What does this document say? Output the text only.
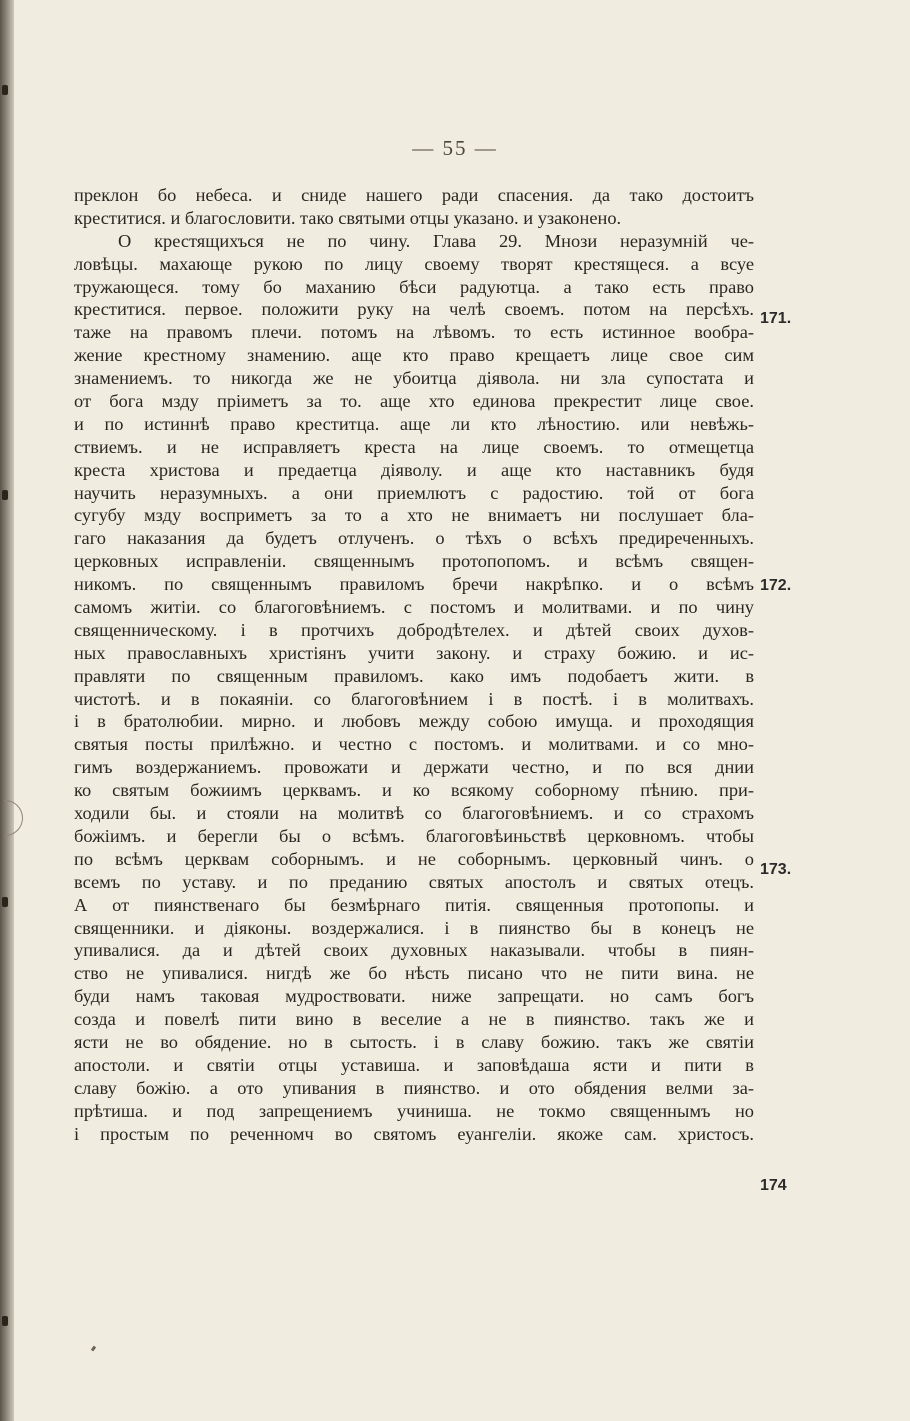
— 55 —
преклон бо небеса. и сниде нашего ради спасения. да тако достоитъ
креститися. и благословити. тако святыми отцы указано. и узаконено.
О крестящихъся не по чину. Глава 29. Мнози неразумнiй че-
ловѣцы. махающе рукою по лицу своему творят крестящеся. а всуе
тружающеся. тому бо маханию бѣси радуютца. а тако есть право
креститися. первое. положити руку на челѣ своемъ. потом на персѣхъ.
таже на правомъ плечи. потомъ на лѣвомъ. то есть истинное вообра-
жение крестному знамению. аще кто право крещаетъ лице свое сим
знамениемъ. то никогда же не убоитца дiявола. ни зла супостата и
от бога мзду прiиметъ за то. аще хто единова прекрестит лице свое.
и по истиннѣ право креститца. аще ли кто лѣностию. или невѣжь-
ствиемъ. и не исправляетъ креста на лице своемъ. то отмещетца
креста христова и предаетца дiяволу. и аще кто наставникъ будя
научить неразумныхъ. а они приемлютъ с радостию. той от бога
сугубу мзду восприметъ за то а хто не внимаетъ ни послушает бла-
гаго наказания да будетъ отлученъ. о тѣхъ о всѣхъ предиреченныхъ.
церковных исправленiи. священнымъ протопопомъ. и всѣмъ священ-
никомъ. по священнымъ правиломъ бречи накрѣпко. и о всѣмъ
самомъ житiи. со благоговѣниемъ. с постомъ и молитвами. и по чину
священническому. i в протчихъ добродѣтелех. и дѣтей своих духов-
ных православныхъ христiянъ учити закону. и страху божию. и ис-
правляти по священным правиломъ. како имъ подобаетъ жити. в
чистотѣ. и в покаянiи. со благоговѣнием i в постѣ. i в молитвахъ.
i в братолюбии. мирно. и любовъ между собою имуща. и проходящия
святыя посты прилѣжно. и честно с постомъ. и молитвами. и со мно-
гимъ воздержаниемъ. провожати и держати честно, и по вся днии
ко святым божиимъ церквамъ. и ко всякому соборному пѣнию. при-
ходили бы. и стояли на молитвѣ со благоговѣниемъ. и со страхомъ
божiимъ. и берегли бы о всѣмъ. благоговѣиньствѣ церковномъ. чтобы
по всѣмъ церквам соборнымъ. и не соборнымъ. церковный чинъ. о
всемъ по уставу. и по преданию святых апостолъ и святых отецъ.
А от пиянственаго бы безмѣрнаго питiя. священныя протопопы. и
священники. и дiяконы. воздержалися. i в пиянство бы в конецъ не
упивалися. да и дѣтей своих духовных наказывали. чтобы в пиян-
ство не упивалися. нигдѣ же бо нѣсть писано что не пити вина. не
буди намъ таковая мудроствовати. ниже запрещати. но самъ богъ
созда и повелѣ пити вино в веселие а не в пиянство. такъ же и
ясти не во обядение. но в сытость. i в славу божию. такъ же святiи
апостоли. и святiи отцы уставиша. и заповѣдаша ясти и пити в
славу божiю. а ото упивания в пиянство. и ото обядения велми за-
прѣтиша. и под запрещениемъ учиниша. не токмо священнымъ но
i простым по реченномч во святомъ еуангелiи. якоже сам. христосъ.
171.
172.
173.
174
